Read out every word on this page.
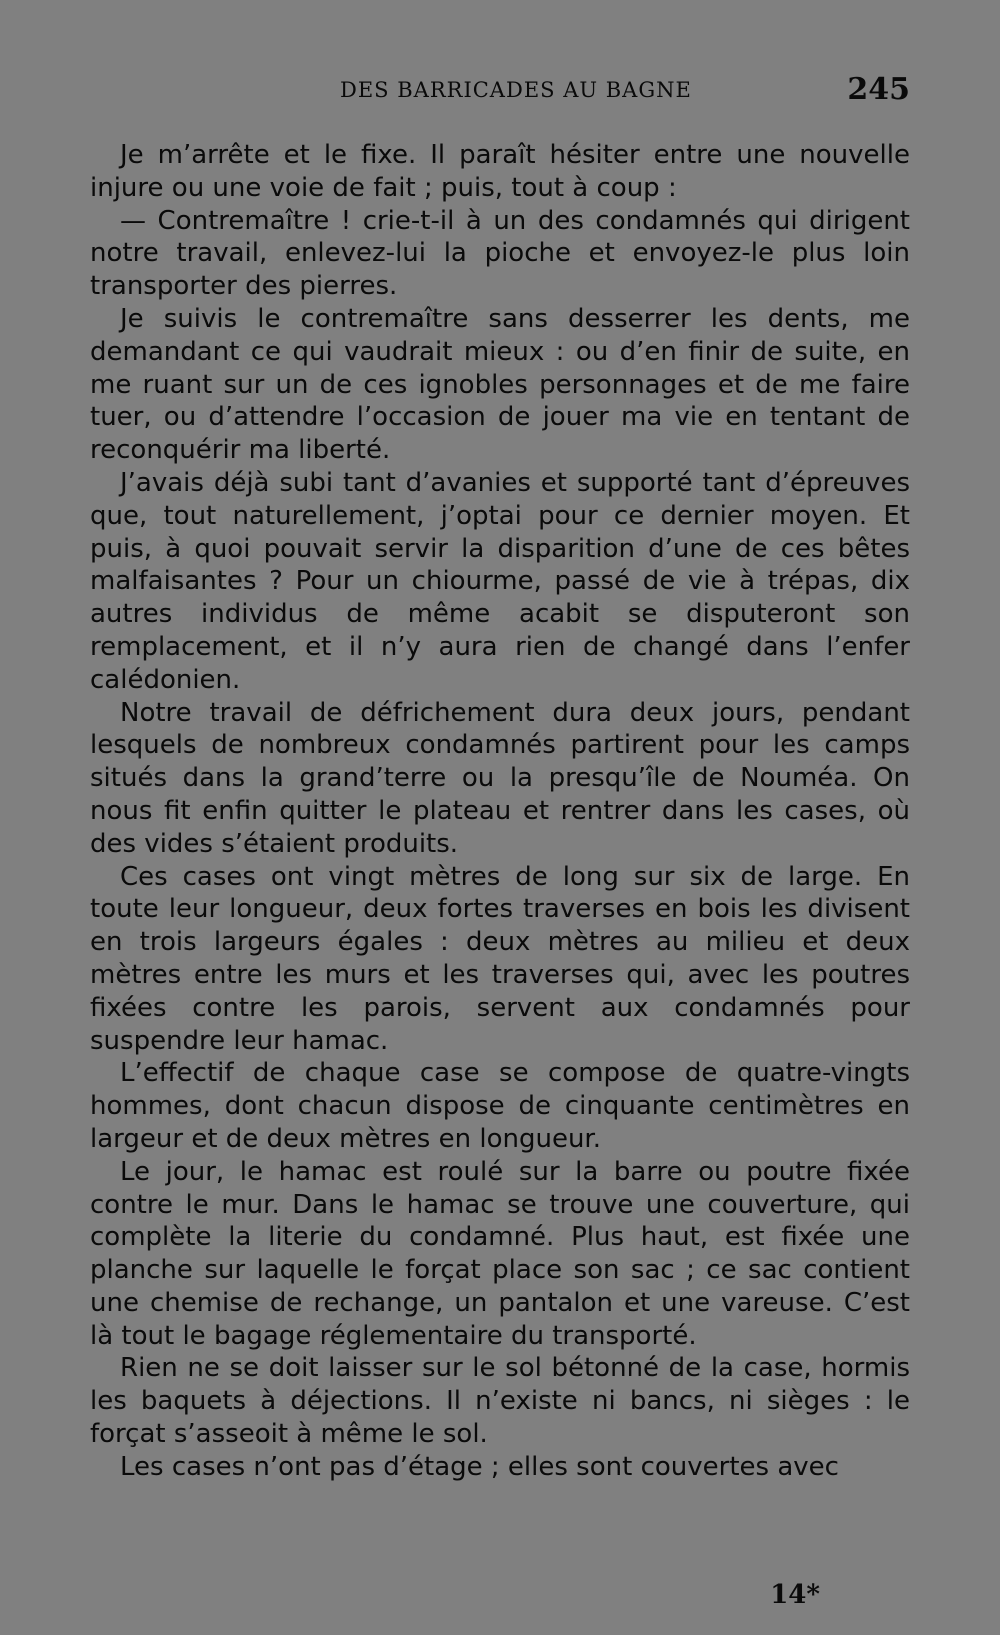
DES BARRICADES AU BAGNE	245

Je m’arrête et le fixe. Il paraît hésiter entre une nouvelle injure ou une voie de fait ; puis, tout à coup :

— Contremaître ! crie-t-il à un des condamnés qui dirigent notre travail, enlevez-lui la pioche et envoyez-le plus loin transporter des pierres.

Je suivis le contremaître sans desserrer les dents, me demandant ce qui vaudrait mieux : ou d’en finir de suite, en me ruant sur un de ces ignobles personnages et de me faire tuer, ou d’attendre l’occasion de jouer ma vie en tentant de reconquérir ma liberté.

J’avais déjà subi tant d’avanies et supporté tant d’épreuves que, tout naturellement, j’optai pour ce dernier moyen. Et puis, à quoi pouvait servir la disparition d’une de ces bêtes malfaisantes ? Pour un chiourme, passé de vie à trépas, dix autres individus de même acabit se disputeront son remplacement, et il n’y aura rien de changé dans l’enfer calédonien.

Notre travail de défrichement dura deux jours, pendant lesquels de nombreux condamnés partirent pour les camps situés dans la grand’terre ou la presqu’île de Nouméa. On nous fit enfin quitter le plateau et rentrer dans les cases, où des vides s’étaient produits.

Ces cases ont vingt mètres de long sur six de large. En toute leur longueur, deux fortes traverses en bois les divisent en trois largeurs égales : deux mètres au milieu et deux mètres entre les murs et les traverses qui, avec les poutres fixées contre les parois, servent aux condamnés pour suspendre leur hamac.

L’effectif de chaque case se compose de quatre-vingts hommes, dont chacun dispose de cinquante centimètres en largeur et de deux mètres en longueur.

Le jour, le hamac est roulé sur la barre ou poutre fixée contre le mur. Dans le hamac se trouve une couverture, qui complète la literie du condamné. Plus haut, est fixée une planche sur laquelle le forçat place son sac ; ce sac contient une chemise de rechange, un pantalon et une vareuse. C’est là tout le bagage réglementaire du transporté.

Rien ne se doit laisser sur le sol bétonné de la case, hormis les baquets à déjections. Il n’existe ni bancs, ni sièges : le forçat s’asseoit à même le sol.

Les cases n’ont pas d’étage ; elles sont couvertes avec

14*
